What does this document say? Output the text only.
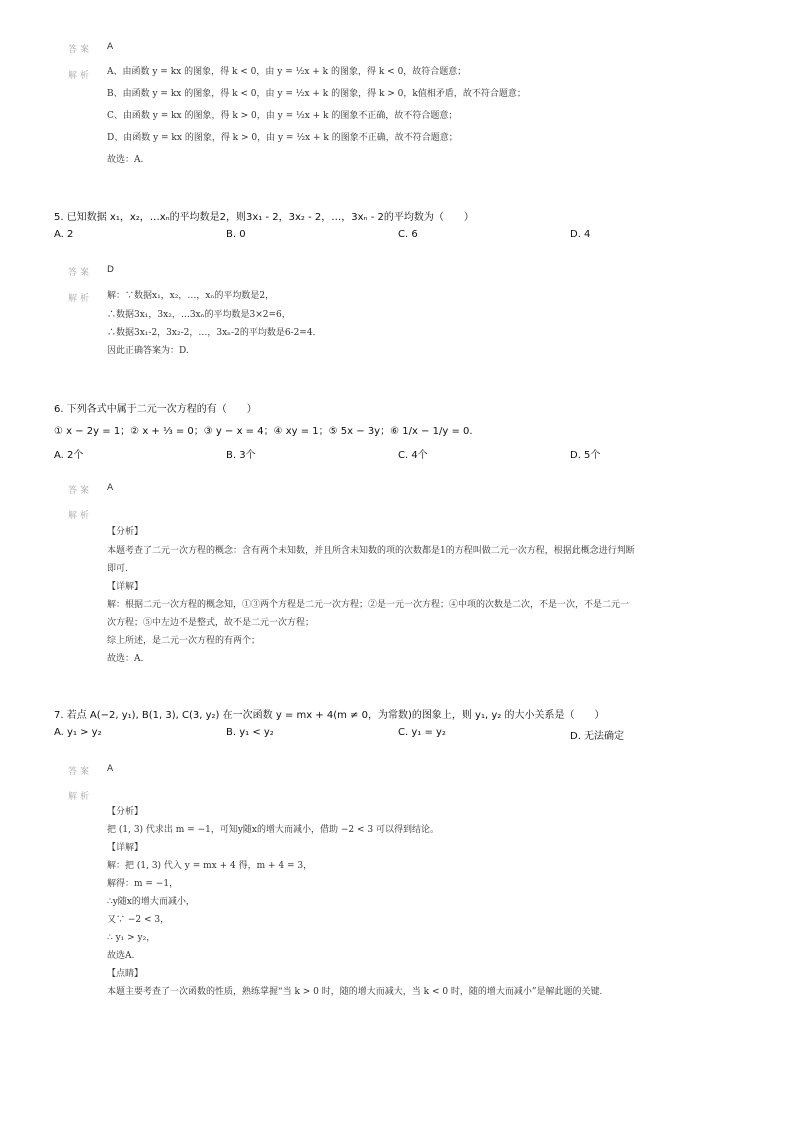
答案 A
解析 A、由函数 y = kx 的图象，得 k < 0，由 y = ½x + k 的图象，得 k < 0，故符合题意；
B、由函数 y = kx 的图象，得 k < 0，由 y = ½x + k 的图象，得 k > 0，k值相矛盾，故不符合题意；
C、由函数 y = kx 的图象，得 k > 0，由 y = ½x + k 的图象不正确，故不符合题意；
D、由函数 y = kx 的图象，得 k > 0，由 y = ½x + k 的图象不正确，故不符合题意；
故选：A.
5. 已知数据 x₁，x₂，…xₙ的平均数是2，则3x₁ - 2，3x₂ - 2，…，3xₙ - 2的平均数为（　　）
A. 2	B. 0	C. 6	D. 4
答案 D
解析 解：∵数据x₁，x₂，…，xₙ的平均数是2，
∴数据3x₁，3x₂，…3xₙ的平均数是3×2=6，
∴数据3x₁-2，3x₂-2，…，3xₙ-2的平均数是6-2=4．
因此正确答案为：D.
6. 下列各式中属于二元一次方程的有（　　）
① x − 2y = 1；② x + ⅓ = 0；③ y − x = 4；④ xy = 1；⑤ 5x − 3y；⑥ 1/x − 1/y = 0.
A. 2个	B. 3个	C. 4个	D. 5个
答案 A
解析
【分析】
本题考查了二元一次方程的概念：含有两个未知数，并且所含未知数的项的次数都是1的方程叫做二元一次方程，根据此概念进行判断
即可.
【详解】
解：根据二元一次方程的概念知，①③两个方程是二元一次方程；②是一元一次方程；④中项的次数是二次，不是一次，不是二元一
次方程；⑤中左边不是整式，故不是二元一次方程；
综上所述，是二元一次方程的有两个；
故选：A.
7. 若点 A(−2, y₁), B(1, 3), C(3, y₂) 在一次函数 y = mx + 4(m ≠ 0，为常数)的图象上，则 y₁, y₂ 的大小关系是（　　）
A. y₁ > y₂	B. y₁ < y₂	C. y₁ = y₂	D. 无法确定
答案 A
解析
【分析】
把 (1, 3) 代求出 m = −1，可知y随x的增大而减小，借助 −2 < 3 可以得到结论。
【详解】
解：把 (1, 3) 代入 y = mx + 4 得，m + 4 = 3，
解得：m = −1，
∴y随x的增大而减小，
又∵ −2 < 3，
∴ y₁ > y₂，
故选A.
【点睛】
本题主要考查了一次函数的性质，熟练掌握“当 k > 0 时，随的增大而减大，当 k < 0 时，随的增大而减小”是解此题的关键.
